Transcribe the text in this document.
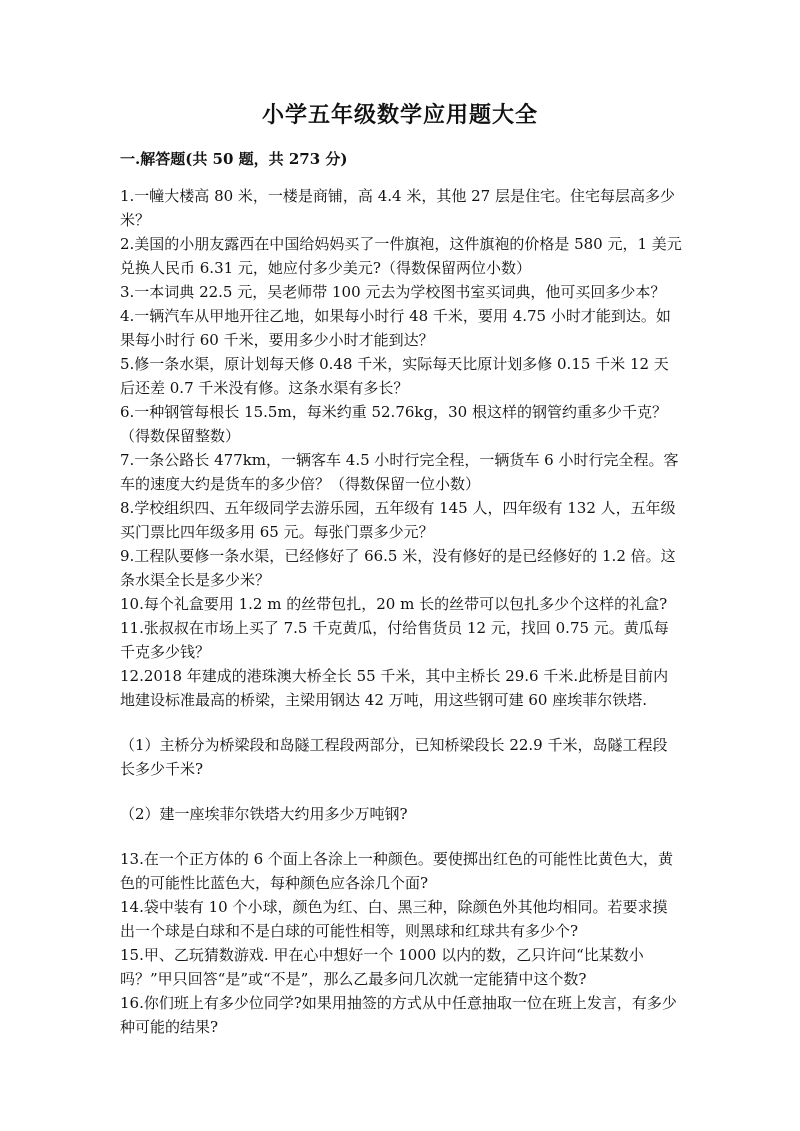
小学五年级数学应用题大全
一.解答题(共 50 题，共 273 分)

1.一幢大楼高 80 米，一楼是商铺，高 4.4 米，其他 27 层是住宅。住宅每层高多少米？

2.美国的小朋友露西在中国给妈妈买了一件旗袍，这件旗袍的价格是 580 元，1 美元兑换人民币 6.31 元，她应付多少美元?（得数保留两位小数）

3.一本词典 22.5 元，吴老师带 100 元去为学校图书室买词典，他可买回多少本？

4.一辆汽车从甲地开往乙地，如果每小时行 48 千米，要用 4.75 小时才能到达。如果每小时行 60 千米，要用多少小时才能到达？

5.修一条水渠，原计划每天修 0.48 千米，实际每天比原计划多修 0.15 千米 12 天后还差 0.7 千米没有修。这条水渠有多长？

6.一种钢管每根长 15.5m，每米约重 52.76kg，30 根这样的钢管约重多少千克？（得数保留整数）

7.一条公路长 477km，一辆客车 4.5 小时行完全程，一辆货车 6 小时行完全程。客车的速度大约是货车的多少倍？（得数保留一位小数）

8.学校组织四、五年级同学去游乐园，五年级有 145 人，四年级有 132 人，五年级买门票比四年级多用 65 元。每张门票多少元？

9.工程队要修一条水渠，已经修好了 66.5 米，没有修好的是已经修好的 1.2 倍。这条水渠全长是多少米？

10.每个礼盒要用 1.2 m 的丝带包扎，20 m 长的丝带可以包扎多少个这样的礼盒?

11.张叔叔在市场上买了 7.5 千克黄瓜，付给售货员 12 元，找回 0.75 元。黄瓜每千克多少钱？

12.2018 年建成的港珠澳大桥全长 55 千米，其中主桥长 29.6 千米.此桥是目前内地建设标准最高的桥梁，主梁用钢达 42 万吨，用这些钢可建 60 座埃菲尔铁塔.

（1）主桥分为桥梁段和岛隧工程段两部分，已知桥梁段长 22.9 千米，岛隧工程段长多少千米?

（2）建一座埃菲尔铁塔大约用多少万吨钢?

13.在一个正方体的 6 个面上各涂上一种颜色。要使掷出红色的可能性比黄色大，黄色的可能性比蓝色大，每种颜色应各涂几个面?

14.袋中装有 10 个小球，颜色为红、白、黑三种，除颜色外其他均相同。若要求摸出一个球是白球和不是白球的可能性相等，则黑球和红球共有多少个?

15.甲、乙玩猜数游戏. 甲在心中想好一个 1000 以内的数，乙只许问“比某数小吗？”甲只回答“是”或“不是”，那么乙最多问几次就一定能猜中这个数?

16.你们班上有多少位同学?如果用抽签的方式从中任意抽取一位在班上发言，有多少种可能的结果?
